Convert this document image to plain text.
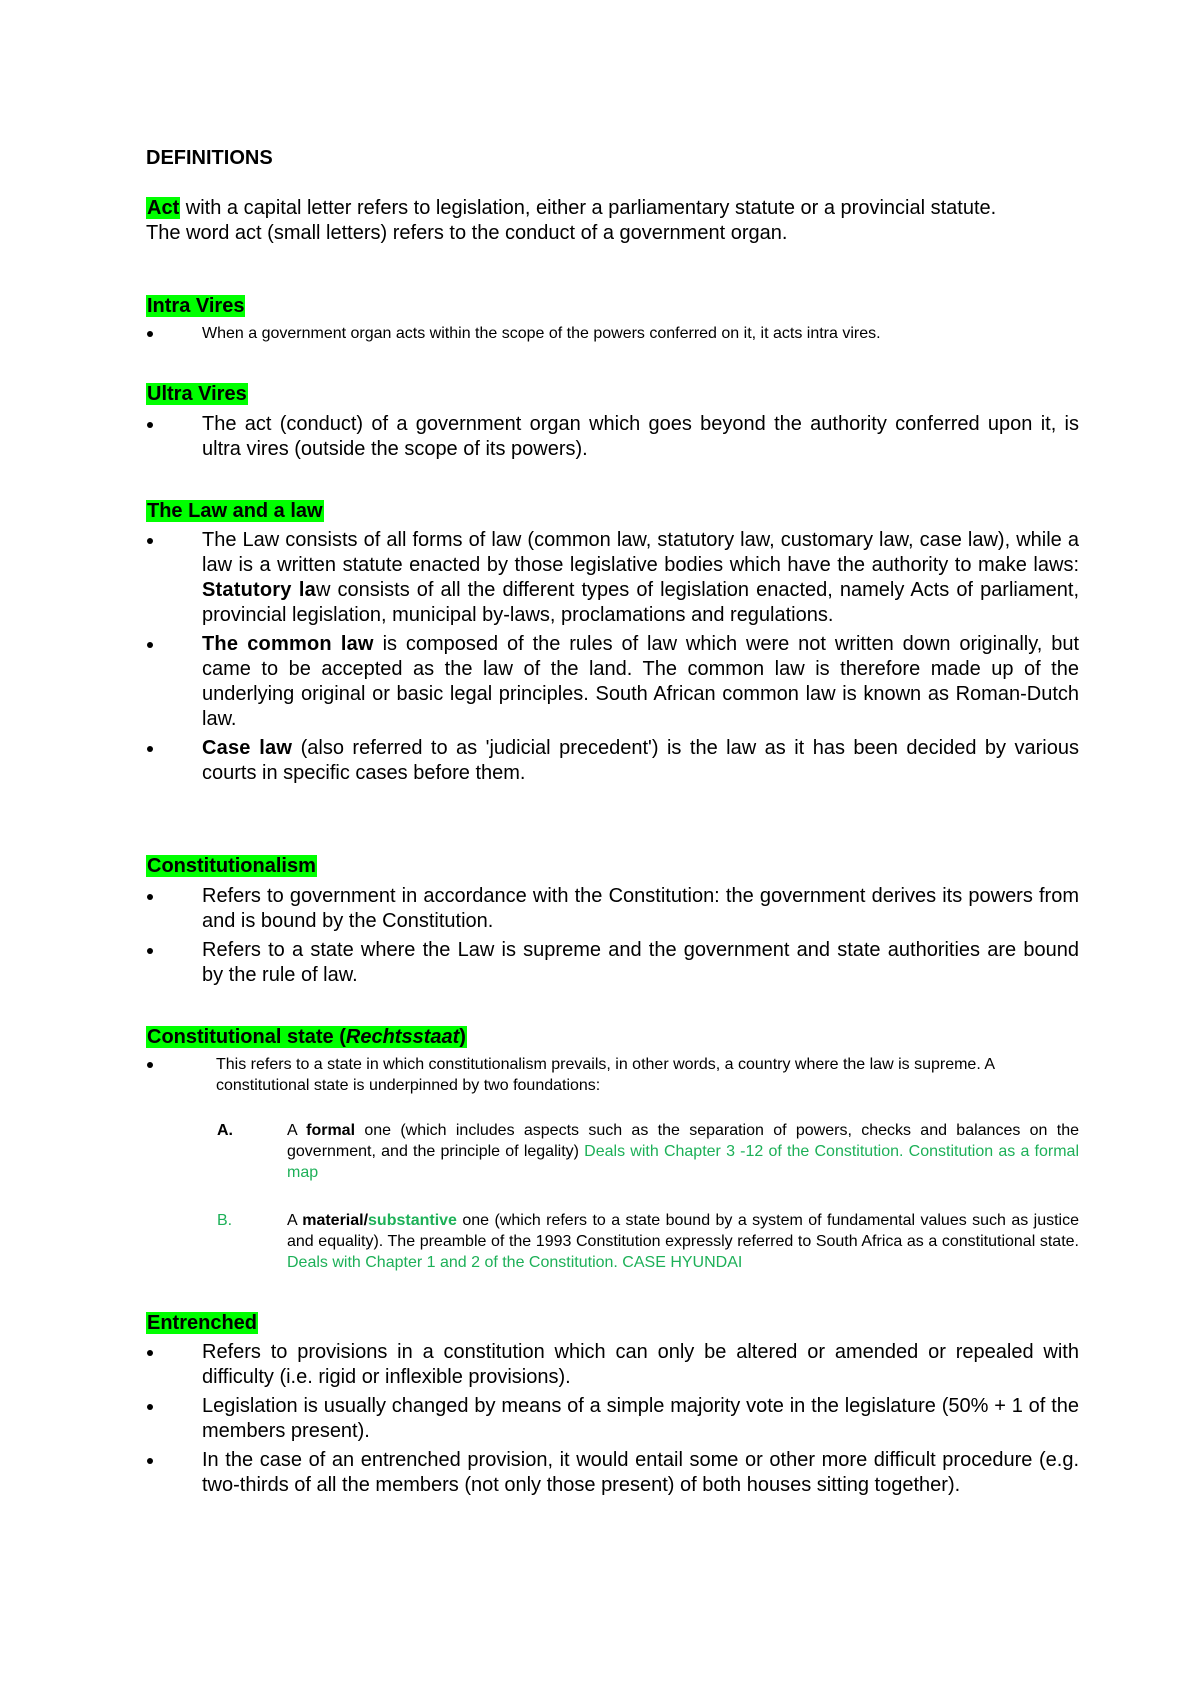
DEFINITIONS
Act with a capital letter refers to legislation, either a parliamentary statute or a provincial statute.
The word act (small letters) refers to the conduct of a government organ.
Intra Vires
When a government organ acts within the scope of the powers conferred on it, it acts intra vires.
Ultra Vires
The act (conduct) of a government organ which goes beyond the authority conferred upon it, is ultra vires (outside the scope of its powers).
The Law and a law
The Law consists of all forms of law (common law, statutory law, customary law, case law), while a law is a written statute enacted by those legislative bodies which have the authority to make laws: Statutory law consists of all the different types of legislation enacted, namely Acts of parliament, provincial legislation, municipal by-laws, proclamations and regulations.
The common law is composed of the rules of law which were not written down originally, but came to be accepted as the law of the land. The common law is therefore made up of the underlying original or basic legal principles. South African common law is known as Roman-Dutch law.
Case law (also referred to as 'judicial precedent') is the law as it has been decided by various courts in specific cases before them.
Constitutionalism
Refers to government in accordance with the Constitution: the government derives its powers from and is bound by the Constitution.
Refers to a state where the Law is supreme and the government and state authorities are bound by the rule of law.
Constitutional state (Rechtsstaat)
This refers to a state in which constitutionalism prevails, in other words, a country where the law is supreme. A constitutional state is underpinned by two foundations:
A.	A formal one (which includes aspects such as the separation of powers, checks and balances on the government, and the principle of legality) Deals with Chapter 3 -12 of the Constitution. Constitution as a formal map
B.	A material/substantive one (which refers to a state bound by a system of fundamental values such as justice and equality). The preamble of the 1993 Constitution expressly referred to South Africa as a constitutional state. Deals with Chapter 1 and 2 of the Constitution. CASE HYUNDAI
Entrenched
Refers to provisions in a constitution which can only be altered or amended or repealed with difficulty (i.e. rigid or inflexible provisions).
Legislation is usually changed by means of a simple majority vote in the legislature (50% + 1 of the members present).
In the case of an entrenched provision, it would entail some or other more difficult procedure (e.g. two-thirds of all the members (not only those present) of both houses sitting together).
